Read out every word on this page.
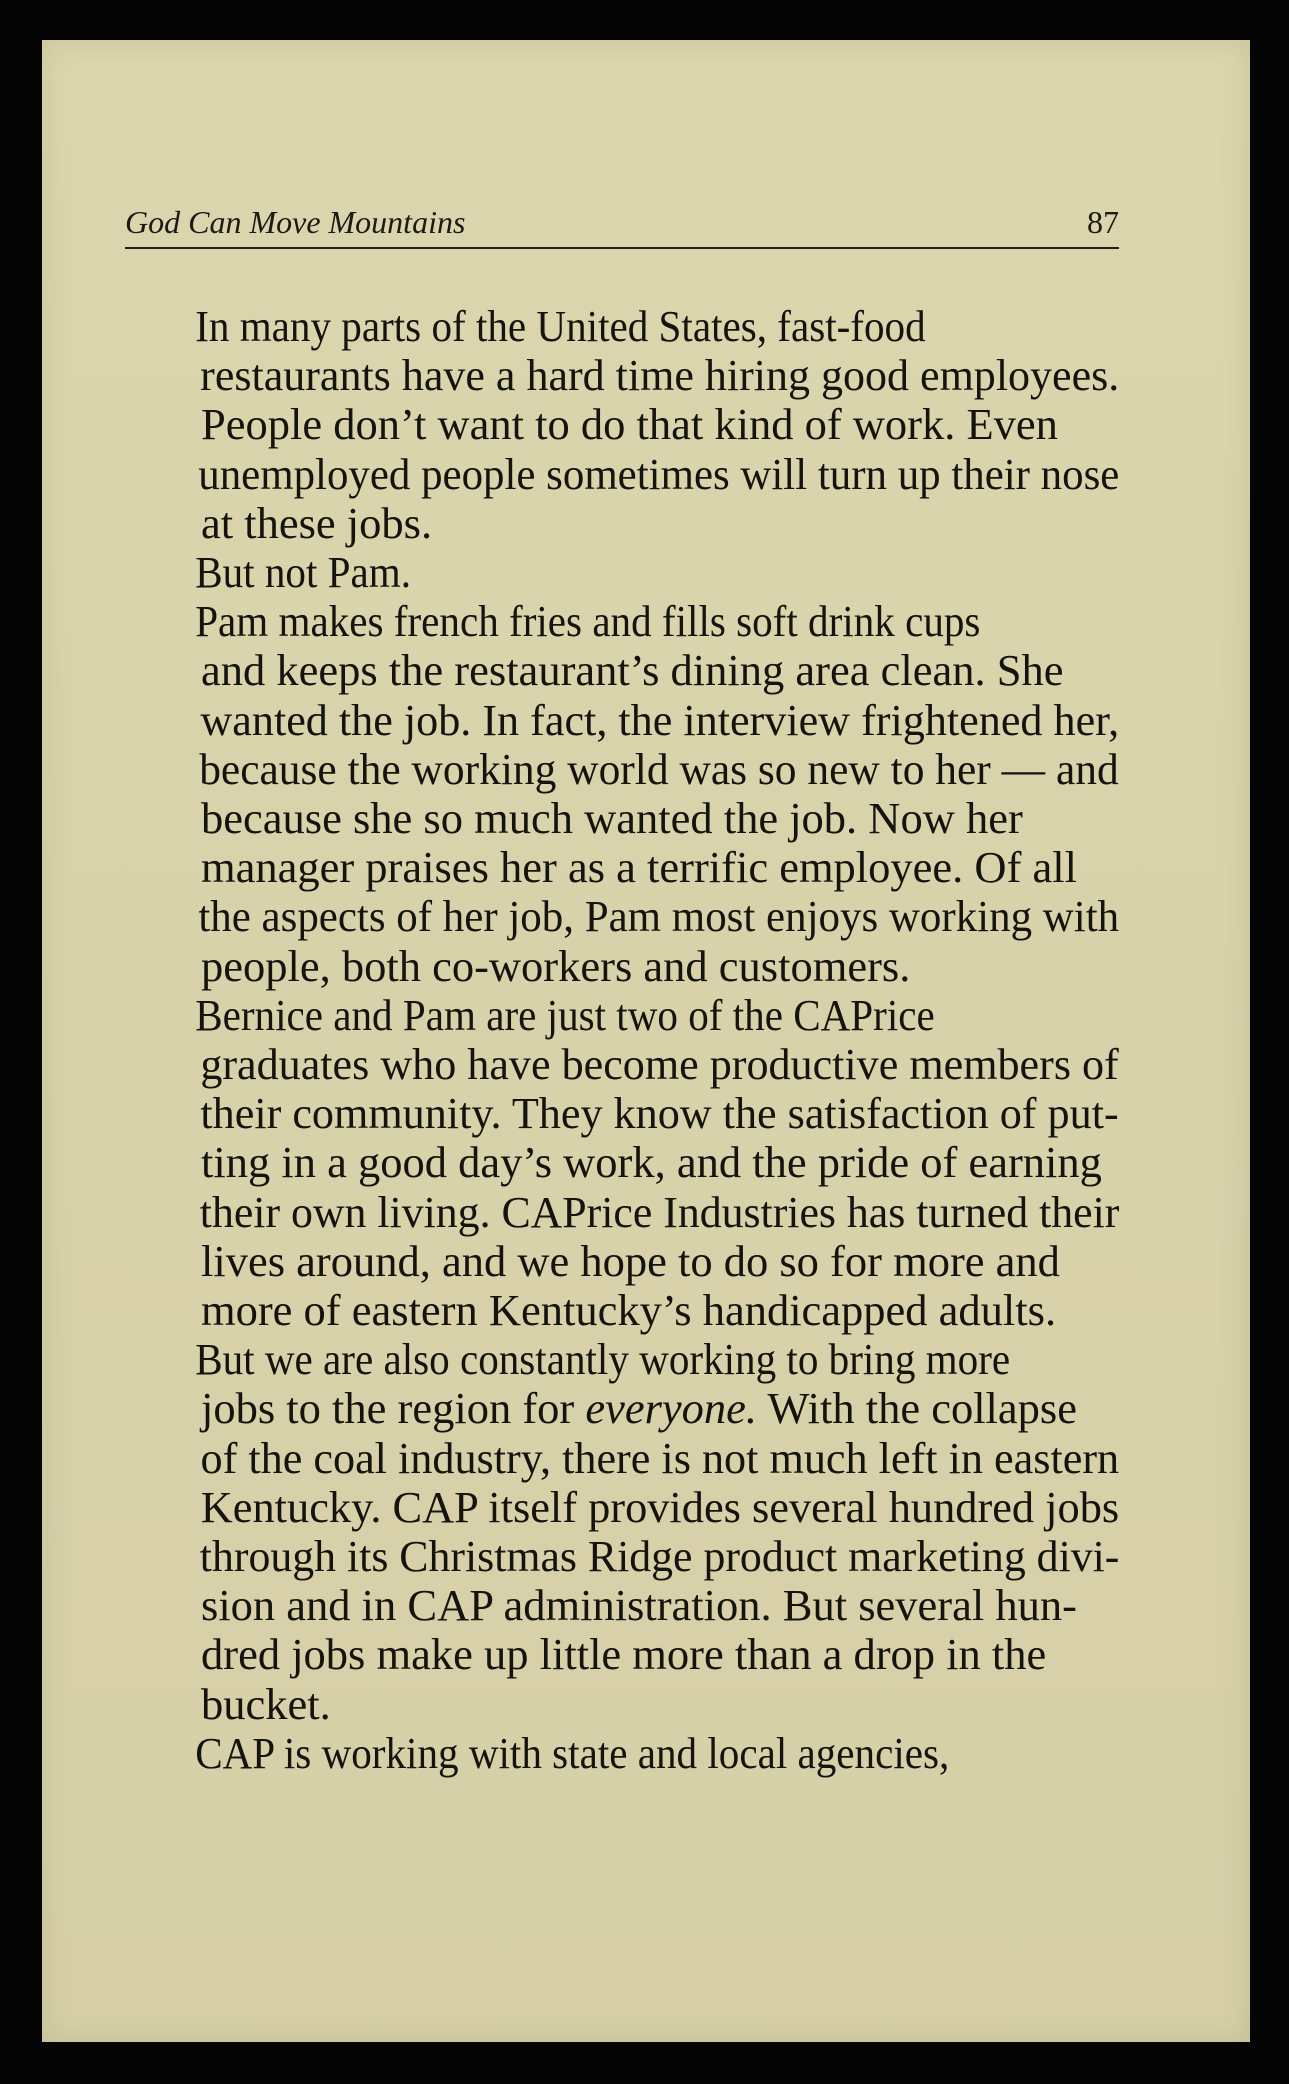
God Can Move Mountains	87

In many parts of the United States, fast-food
restaurants have a hard time hiring good employees.
People don’t want to do that kind of work. Even
unemployed people sometimes will turn up their nose
at these jobs.

But not Pam.

Pam makes french fries and fills soft drink cups
and keeps the restaurant’s dining area clean. She
wanted the job. In fact, the interview frightened her,
because the working world was so new to her — and
because she so much wanted the job. Now her
manager praises her as a terrific employee. Of all
the aspects of her job, Pam most enjoys working with
people, both co-workers and customers.

Bernice and Pam are just two of the CAPrice
graduates who have become productive members of
their community. They know the satisfaction of put-
ting in a good day’s work, and the pride of earning
their own living. CAPrice Industries has turned their
lives around, and we hope to do so for more and
more of eastern Kentucky’s handicapped adults.

But we are also constantly working to bring more
jobs to the region for everyone. With the collapse
of the coal industry, there is not much left in eastern
Kentucky. CAP itself provides several hundred jobs
through its Christmas Ridge product marketing divi-
sion and in CAP administration. But several hun-
dred jobs make up little more than a drop in the
bucket.

CAP is working with state and local agencies,
